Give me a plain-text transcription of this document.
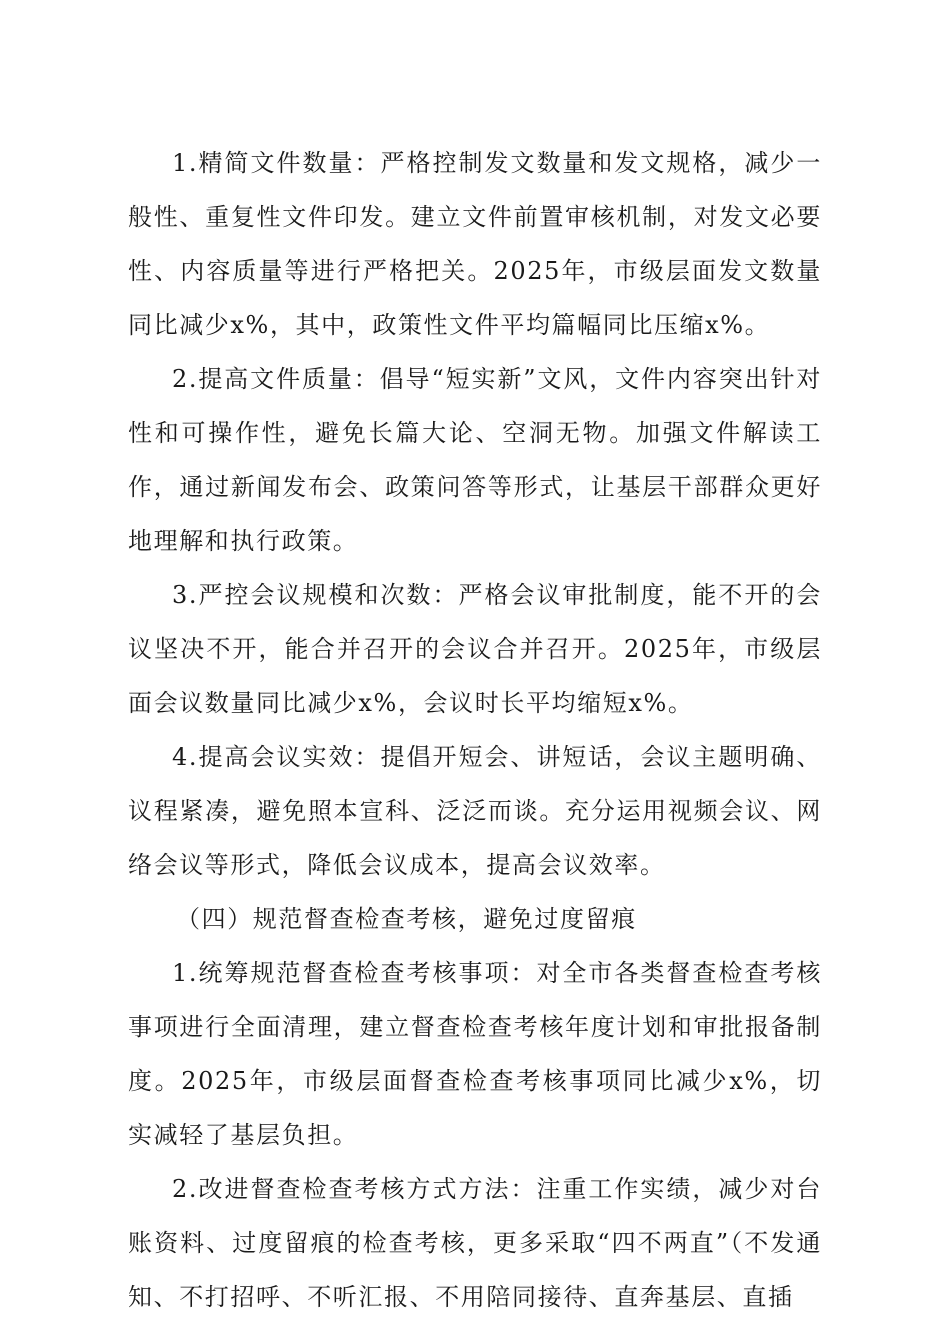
1.精简文件数量：严格控制发文数量和发文规格，减少一般性、重复性文件印发。建立文件前置审核机制，对发文必要性、内容质量等进行严格把关。2025年，市级层面发文数量同比减少x%，其中，政策性文件平均篇幅同比压缩x%。

2.提高文件质量：倡导“短实新”文风，文件内容突出针对性和可操作性，避免长篇大论、空洞无物。加强文件解读工作，通过新闻发布会、政策问答等形式，让基层干部群众更好地理解和执行政策。

3.严控会议规模和次数：严格会议审批制度，能不开的会议坚决不开，能合并召开的会议合并召开。2025年，市级层面会议数量同比减少x%，会议时长平均缩短x%。

4.提高会议实效：提倡开短会、讲短话，会议主题明确、议程紧凑，避免照本宣科、泛泛而谈。充分运用视频会议、网络会议等形式，降低会议成本，提高会议效率。

（四）规范督查检查考核，避免过度留痕

1.统筹规范督查检查考核事项：对全市各类督查检查考核事项进行全面清理，建立督查检查考核年度计划和审批报备制度。2025年，市级层面督查检查考核事项同比减少x%，切实减轻了基层负担。

2.改进督查检查考核方式方法：注重工作实绩，减少对台账资料、过度留痕的检查考核，更多采取“四不两直”（不发通知、不打招呼、不听汇报、不用陪同接待、直奔基层、直插
